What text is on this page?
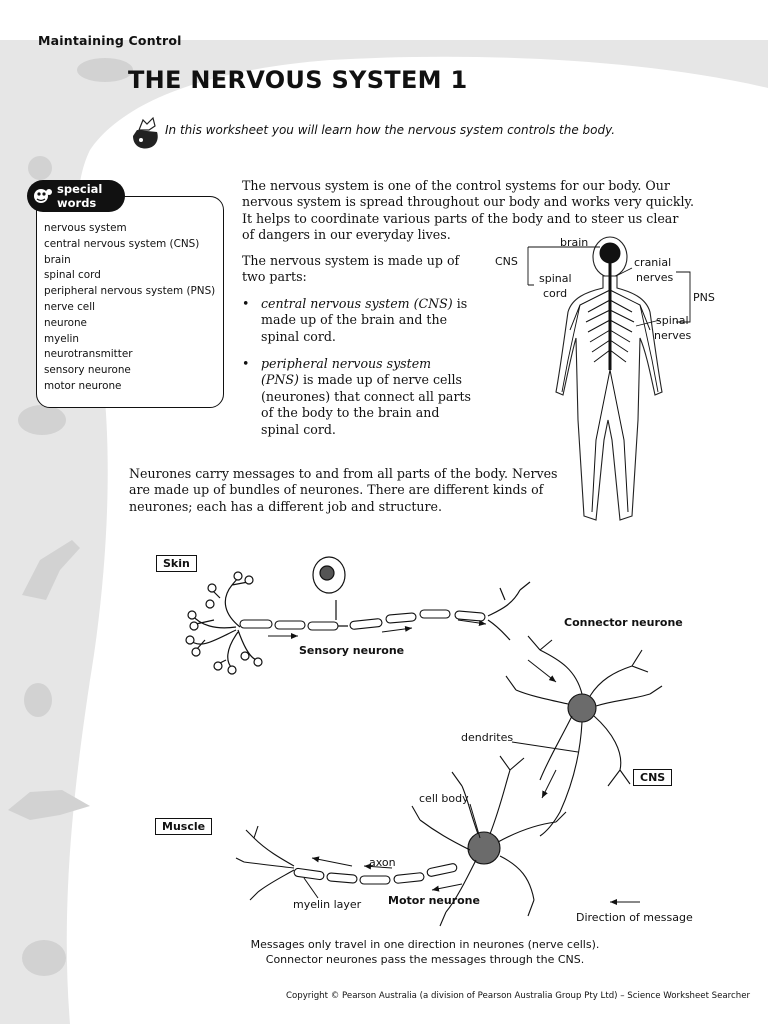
Maintaining Control
THE NERVOUS SYSTEM 1
In this worksheet you will learn how the nervous system controls the body.
special
words
nervous system
central nervous system (CNS)
brain
spinal cord
peripheral nervous system (PNS)
nerve cell
neurone
myelin
neurotransmitter
sensory neurone
motor neurone

The nervous system is one of the control systems for our body. Our nervous system is spread throughout our body and works very quickly. It helps to coordinate various parts of the body and to steer us clear of dangers in our everyday lives.

The nervous system is made up of two parts:

• central nervous system (CNS) is made up of the brain and the spinal cord.

• peripheral nervous system (PNS) is made up of nerve cells (neurones) that connect all parts of the body to the brain and spinal cord.

Neurones carry messages to and from all parts of the body. Nerves are made up of bundles of neurones. There are different kinds of neurones; each has a different job and structure.

CNS
brain
spinal
cord
cranial
nerves
PNS
spinal
nerves
Skin
Sensory neurone
Connector neurone
dendrites
CNS
cell body
Muscle
axon
myelin layer Motor neurone
Direction of message
Messages only travel in one direction in neurones (nerve cells).
Connector neurones pass the messages through the CNS.
Copyright © Pearson Australia (a division of Pearson Australia Group Pty Ltd) – Science Worksheet Searcher
